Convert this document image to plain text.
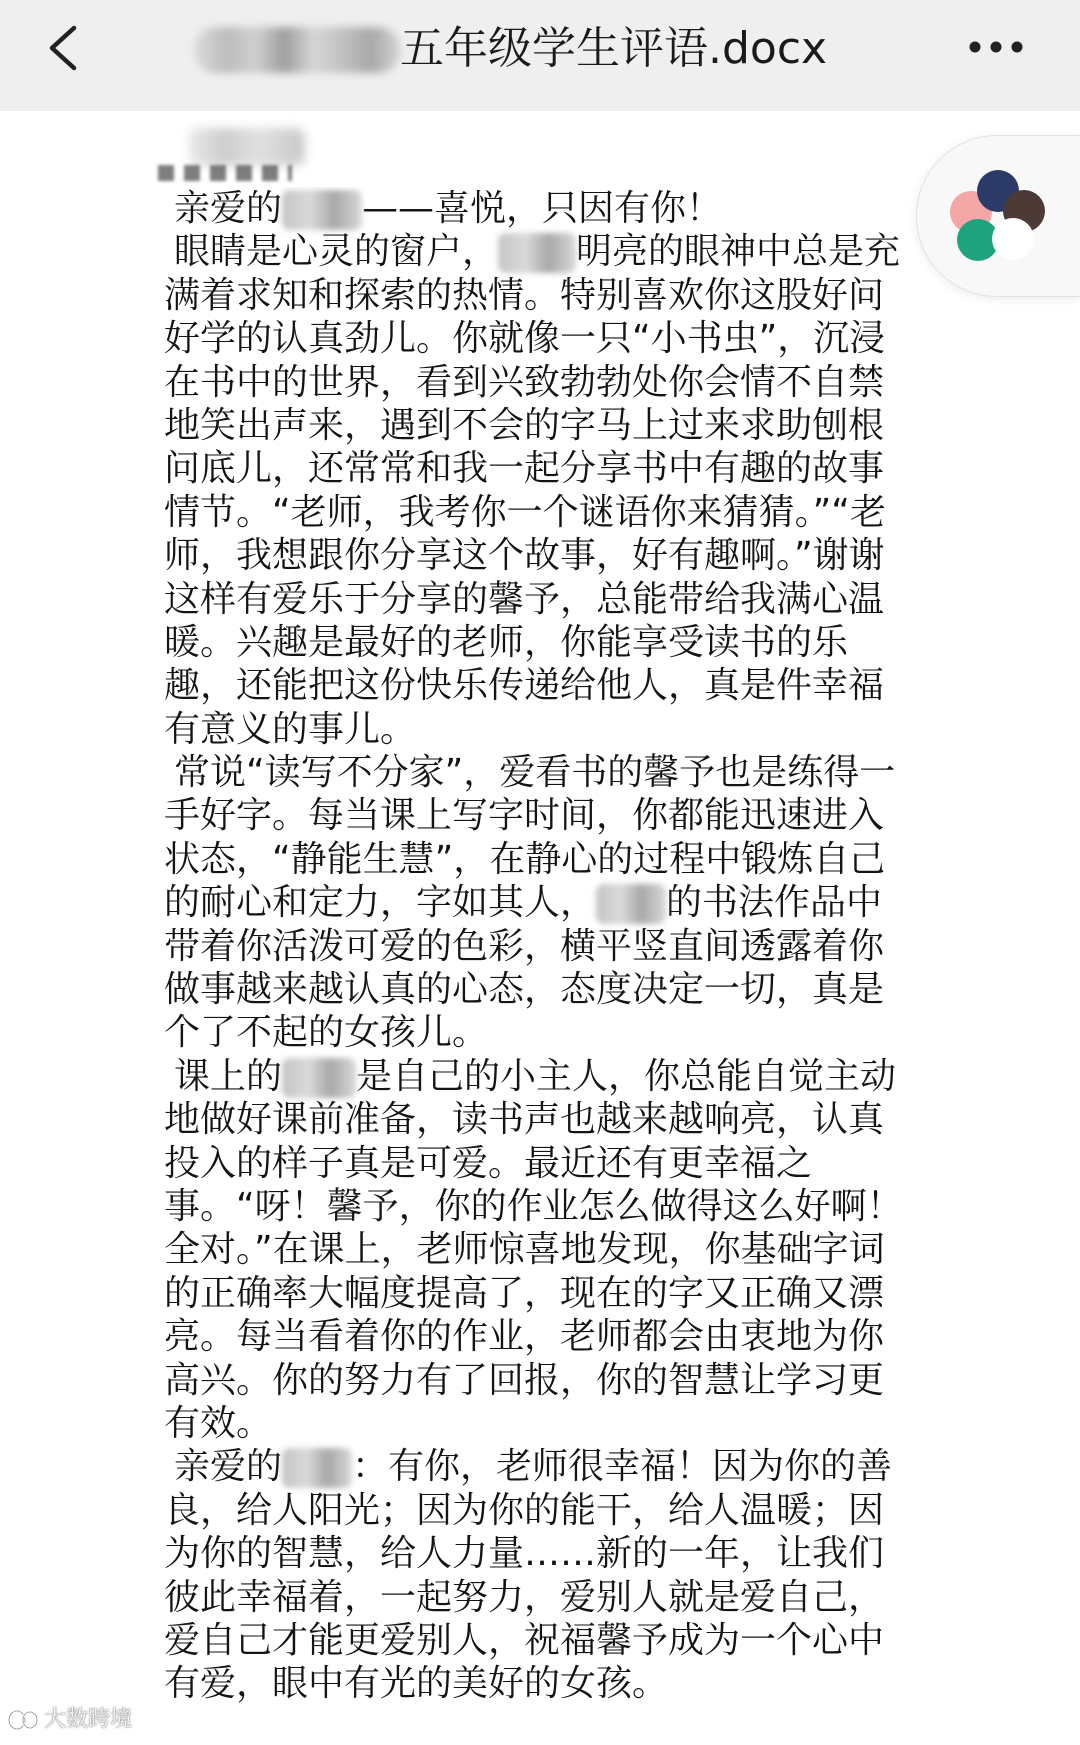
五年级学生评语.docx
亲爱的 ——喜悦，只因有你！
眼睛是心灵的窗户， 明亮的眼神中总是充
满着求知和探索的热情。特别喜欢你这股好问
好学的认真劲儿。你就像一只“小书虫”，沉浸
在书中的世界，看到兴致勃勃处你会情不自禁
地笑出声来，遇到不会的字马上过来求助刨根
问底儿，还常常和我一起分享书中有趣的故事
情节。“老师，我考你一个谜语你来猜猜。”“老
师，我想跟你分享这个故事，好有趣啊。”谢谢
这样有爱乐于分享的馨予，总能带给我满心温
暖。兴趣是最好的老师，你能享受读书的乐
趣，还能把这份快乐传递给他人，真是件幸福
有意义的事儿。
常说“读写不分家”，爱看书的馨予也是练得一
手好字。每当课上写字时间，你都能迅速进入
状态，“静能生慧”，在静心的过程中锻炼自己
的耐心和定力，字如其人， 的书法作品中
带着你活泼可爱的色彩，横平竖直间透露着你
做事越来越认真的心态，态度决定一切，真是
个了不起的女孩儿。
课上的 是自己的小主人，你总能自觉主动
地做好课前准备，读书声也越来越响亮，认真
投入的样子真是可爱。最近还有更幸福之
事。“呀！馨予，你的作业怎么做得这么好啊！
全对。”在课上，老师惊喜地发现，你基础字词
的正确率大幅度提高了，现在的字又正确又漂
亮。每当看着你的作业，老师都会由衷地为你
高兴。你的努力有了回报，你的智慧让学习更
有效。
亲爱的 ：有你，老师很幸福！因为你的善
良，给人阳光；因为你的能干，给人温暖；因
为你的智慧，给人力量……新的一年，让我们
彼此幸福着，一起努力，爱别人就是爱自己，
爱自己才能更爱别人，祝福馨予成为一个心中
有爱，眼中有光的美好的女孩。
大数跨境
